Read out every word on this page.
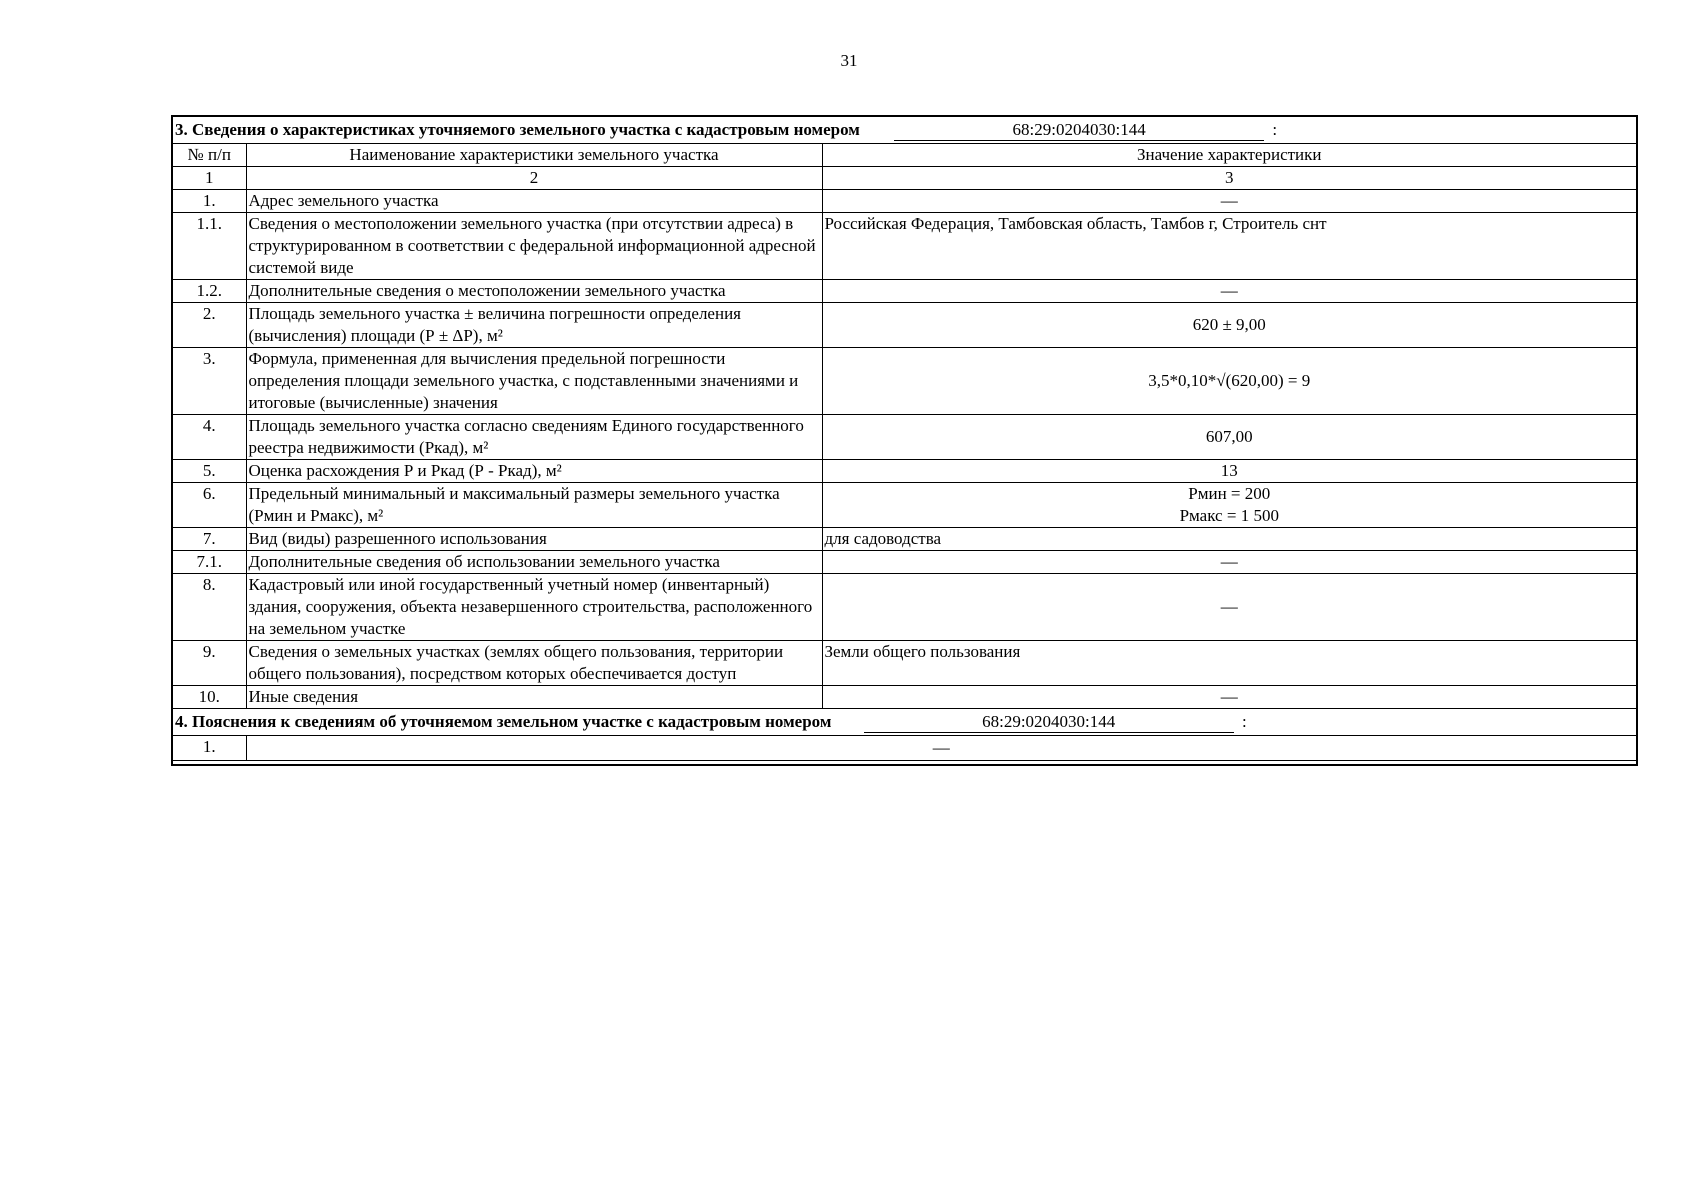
31
3. Сведения о характеристиках уточняемого земельного участка с кадастровым номером 68:29:0204030:144 :		
№ п/п	Наименование характеристики земельного участка	Значение характеристики
1	2	3
1.	Адрес земельного участка	—
1.1.	Сведения о местоположении земельного участка (при отсутствии адреса) в структурированном в соответствии с федеральной информационной адресной системой виде	Российская Федерация, Тамбовская область, Тамбов г, Строитель снт
1.2.	Дополнительные сведения о местоположении земельного участка	—
2.	Площадь земельного участка ± величина погрешности определения (вычисления) площади (Р ± ΔР), м²	620 ± 9,00
3.	Формула, примененная для вычисления предельной погрешности определения площади земельного участка, с подставленными значениями и итоговые (вычисленные) значения	3,5*0,10*√(620,00) = 9
4.	Площадь земельного участка согласно сведениям Единого государственного реестра недвижимости (Ркад), м²	607,00
5.	Оценка расхождения Р и Ркад (Р - Ркад), м²	13
6.	Предельный минимальный и максимальный размеры земельного участка (Рмин и Рмакс), м²	Рмин = 200
Рмакс = 1 500

7.	Вид (виды) разрешенного использования	для садоводства
7.1.	Дополнительные сведения об использовании земельного участка	—
8.	Кадастровый или иной государственный учетный номер (инвентарный) здания, сооружения, объекта незавершенного строительства, расположенного на земельном участке	—
9.	Сведения о земельных участках (землях общего пользования, территории общего пользования), посредством которых обеспечивается доступ	Земли общего пользования
10.	Иные сведения	—
4. Пояснения к сведениям об уточняемом земельном участке с кадастровым номером 68:29:0204030:144 :		
1.	—	
